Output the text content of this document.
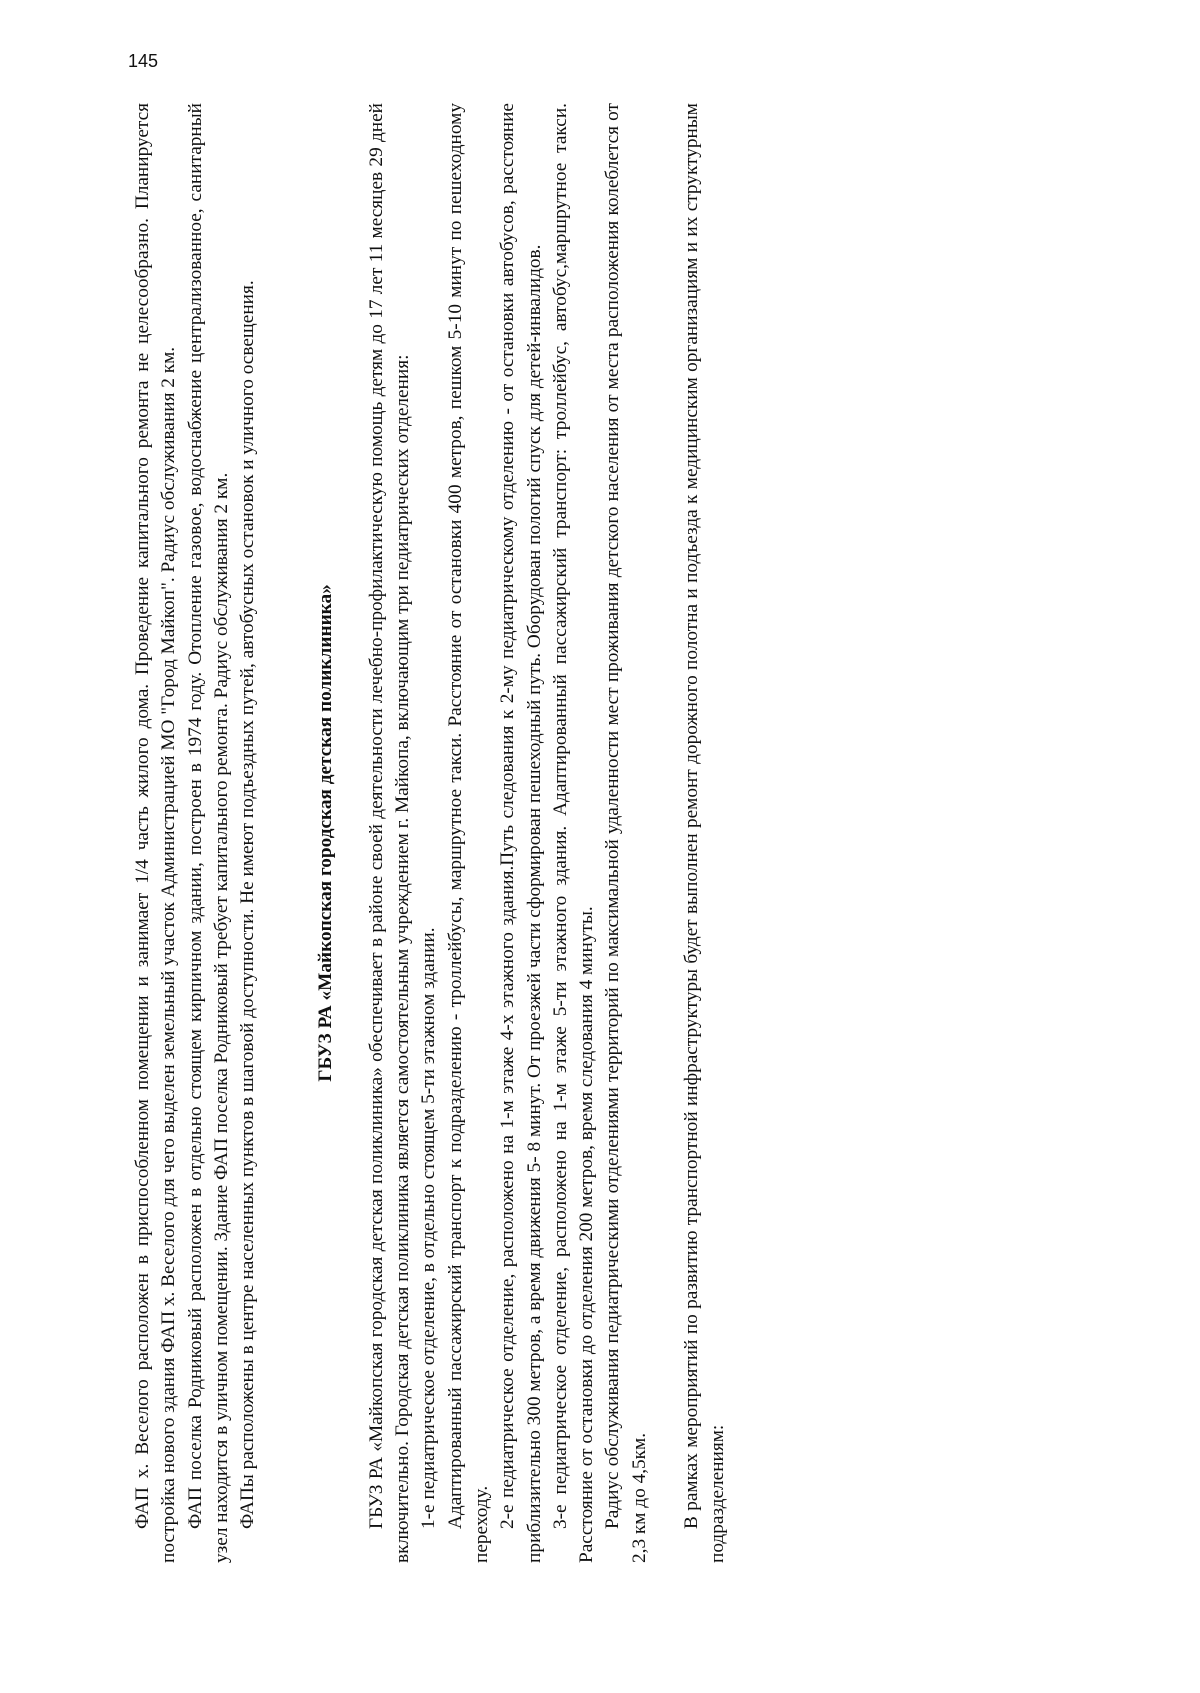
145

ФАП х. Веселого расположен в приспособленном помещении и занимает 1/4 часть жилого дома. Проведение капитального ремонта не целесообразно. Планируется постройка нового здания ФАП х. Веселого для чего выделен земельный участок Администрацией МО "Город Майкоп". Радиус обслуживания 2 км. ФАП поселка Родниковый расположен в отдельно стоящем кирпичном здании, построен в 1974 году. Отопление газовое, водоснабжение централизованное, санитарный узел находится в уличном помещении. Здание ФАП поселка Родниковый требует капитального ремонта. Радиус обслуживания 2 км. ФАПы расположены в центре населенных пунктов в шаговой доступности. Не имеют подъездных путей, автобусных остановок и уличного освещения.	ГБУЗ РА «Майкопская городская детская поликлиника» ГБУЗ РА «Майкопская городская детская поликлиника» обеспечивает в районе своей деятельности лечебно-профилактическую помощь детям до 17 лет 11 месяцев 29 дней включительно. Городская детская поликлиника является самостоятельным учреждением г. Майкопа, включающим три педиатрических отделения: 1-е педиатрическое отделение, в отдельно стоящем 5-ти этажном здании. Адаптированный пассажирский транспорт к подразделению - троллейбусы, маршрутное такси. Расстояние от остановки 400 метров, пешком 5-10 минут по пешеходному переходу. 2-е педиатрическое отделение, расположено на 1-м этаже 4-х этажного здания.Путь следования к 2-му педиатрическому отделению - от остановки автобусов, расстояние приблизительно 300 метров, а время движения 5- 8 минут. От проезжей части сформирован пешеходный путь. Оборудован пологий спуск для детей-инвалидов. 3-е педиатрическое отделение, расположено на 1-м этаже 5-ти этажного здания. Адаптированный пассажирский транспорт: троллейбус, автобус,маршрутное такси. Расстояние от остановки до отделения 200 метров, время следования 4 минуты. Радиус обслуживания педиатрическими отделениями территорий по максимальной удаленности мест проживания детского населения от места расположения колеблется от 2,3 км до 4,5км. В рамках мероприятий по развитию транспортной инфраструктуры будет выполнен ремонт дорожного полотна и подъезда к медицинским организациям и их структурным подразделениям:
